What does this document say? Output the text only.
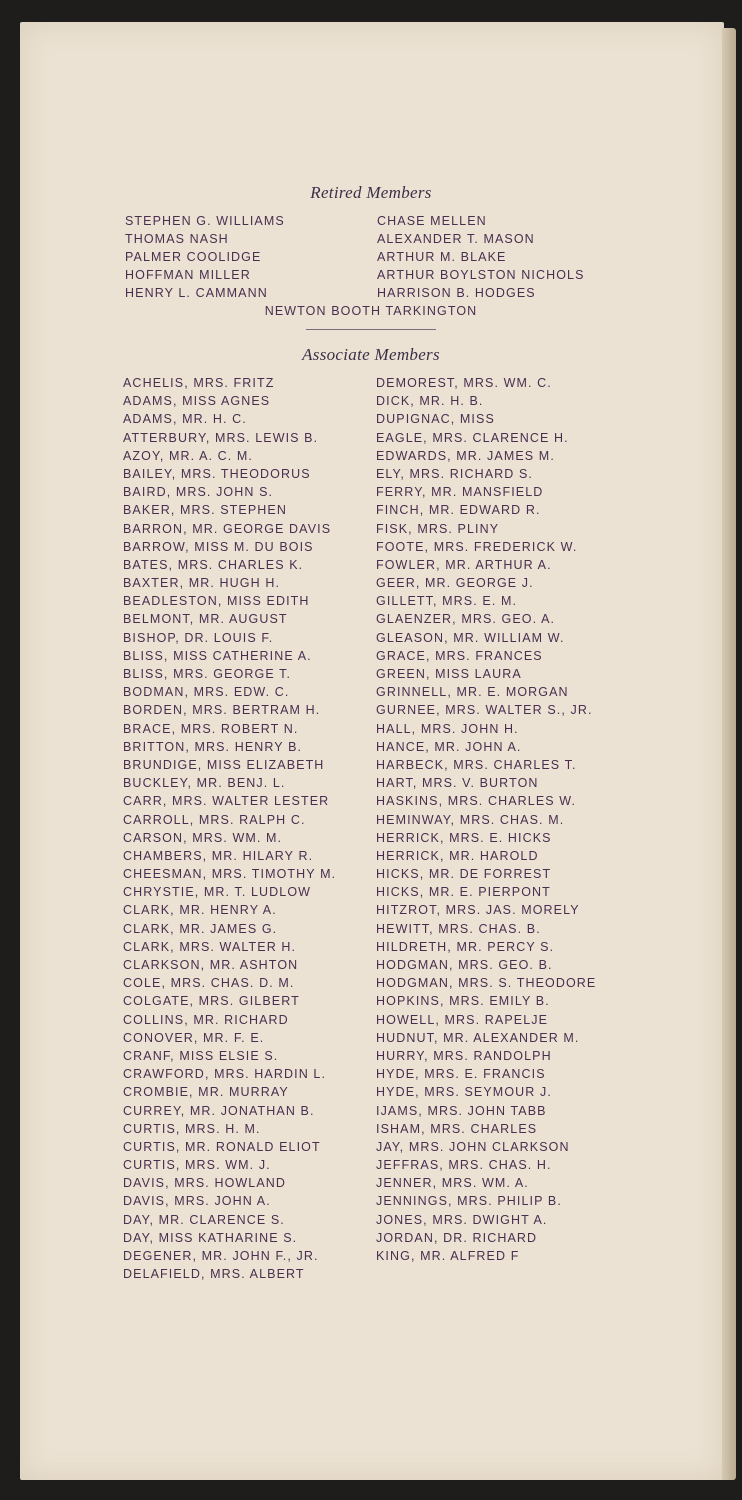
Retired Members
STEPHEN G. WILLIAMS
THOMAS NASH
PALMER COOLIDGE
HOFFMAN MILLER
HENRY L. CAMMANN
CHASE MELLEN
ALEXANDER T. MASON
ARTHUR M. BLAKE
ARTHUR BOYLSTON NICHOLS
HARRISON B. HODGES
NEWTON BOOTH TARKINGTON
Associate Members
ACHELIS, MRS. FRITZ
ADAMS, MISS AGNES
ADAMS, MR. H. C.
ATTERBURY, MRS. LEWIS B.
AZOY, MR. A. C. M.
BAILEY, MRS. THEODORUS
BAIRD, MRS. JOHN S.
BAKER, MRS. STEPHEN
BARRON, MR. GEORGE DAVIS
BARROW, MISS M. DU BOIS
BATES, MRS. CHARLES K.
BAXTER, MR. HUGH H.
BEADLESTON, MISS EDITH
BELMONT, MR. AUGUST
BISHOP, DR. LOUIS F.
BLISS, MISS CATHERINE A.
BLISS, MRS. GEORGE T.
BODMAN, MRS. EDW. C.
BORDEN, MRS. BERTRAM H.
BRACE, MRS. ROBERT N.
BRITTON, MRS. HENRY B.
BRUNDIGE, MISS ELIZABETH
BUCKLEY, MR. BENJ. L.
CARR, MRS. WALTER LESTER
CARROLL, MRS. RALPH C.
CARSON, MRS. WM. M.
CHAMBERS, MR. HILARY R.
CHEESMAN, MRS. TIMOTHY M.
CHRYSTIE, MR. T. LUDLOW
CLARK, MR. HENRY A.
CLARK, MR. JAMES G.
CLARK, MRS. WALTER H.
CLARKSON, MR. ASHTON
COLE, MRS. CHAS. D. M.
COLGATE, MRS. GILBERT
COLLINS, MR. RICHARD
CONOVER, MR. F. E.
CRANF, MISS ELSIE S.
CRAWFORD, MRS. HARDIN L.
CROMBIE, MR. MURRAY
CURREY, MR. JONATHAN B.
CURTIS, MRS. H. M.
CURTIS, MR. RONALD ELIOT
CURTIS, MRS. WM. J.
DAVIS, MRS. HOWLAND
DAVIS, MRS. JOHN A.
DAY, MR. CLARENCE S.
DAY, MISS KATHARINE S.
DEGENER, MR. JOHN F., JR.
DELAFIELD, MRS. ALBERT
DEMOREST, MRS. WM. C.
DICK, MR. H. B.
DUPIGNAC, MISS
EAGLE, MRS. CLARENCE H.
EDWARDS, MR. JAMES M.
ELY, MRS. RICHARD S.
FERRY, MR. MANSFIELD
FINCH, MR. EDWARD R.
FISK, MRS. PLINY
FOOTE, MRS. FREDERICK W.
FOWLER, MR. ARTHUR A.
GEER, MR. GEORGE J.
GILLETT, MRS. E. M.
GLAENZER, MRS. GEO. A.
GLEASON, MR. WILLIAM W.
GRACE, MRS. FRANCES
GREEN, MISS LAURA
GRINNELL, MR. E. MORGAN
GURNEE, MRS. WALTER S., JR.
HALL, MRS. JOHN H.
HANCE, MR. JOHN A.
HARBECK, MRS. CHARLES T.
HART, MRS. V. BURTON
HASKINS, MRS. CHARLES W.
HEMINWAY, MRS. CHAS. M.
HERRICK, MRS. E. HICKS
HERRICK, MR. HAROLD
HICKS, MR. DE FORREST
HICKS, MR. E. PIERPONT
HITZROT, MRS. JAS. MORELY
HEWITT, MRS. CHAS. B.
HILDRETH, MR. PERCY S.
HODGMAN, MRS. GEO. B.
HODGMAN, MRS. S. THEODORE
HOPKINS, MRS. EMILY B.
HOWELL, MRS. RAPELJE
HUDNUT, MR. ALEXANDER M.
HURRY, MRS. RANDOLPH
HYDE, MRS. E. FRANCIS
HYDE, MRS. SEYMOUR J.
IJAMS, MRS. JOHN TABB
ISHAM, MRS. CHARLES
JAY, MRS. JOHN CLARKSON
JEFFRAS, MRS. CHAS. H.
JENNER, MRS. WM. A.
JENNINGS, MRS. PHILIP B.
JONES, MRS. DWIGHT A.
JORDAN, DR. RICHARD
KING, MR. ALFRED F
